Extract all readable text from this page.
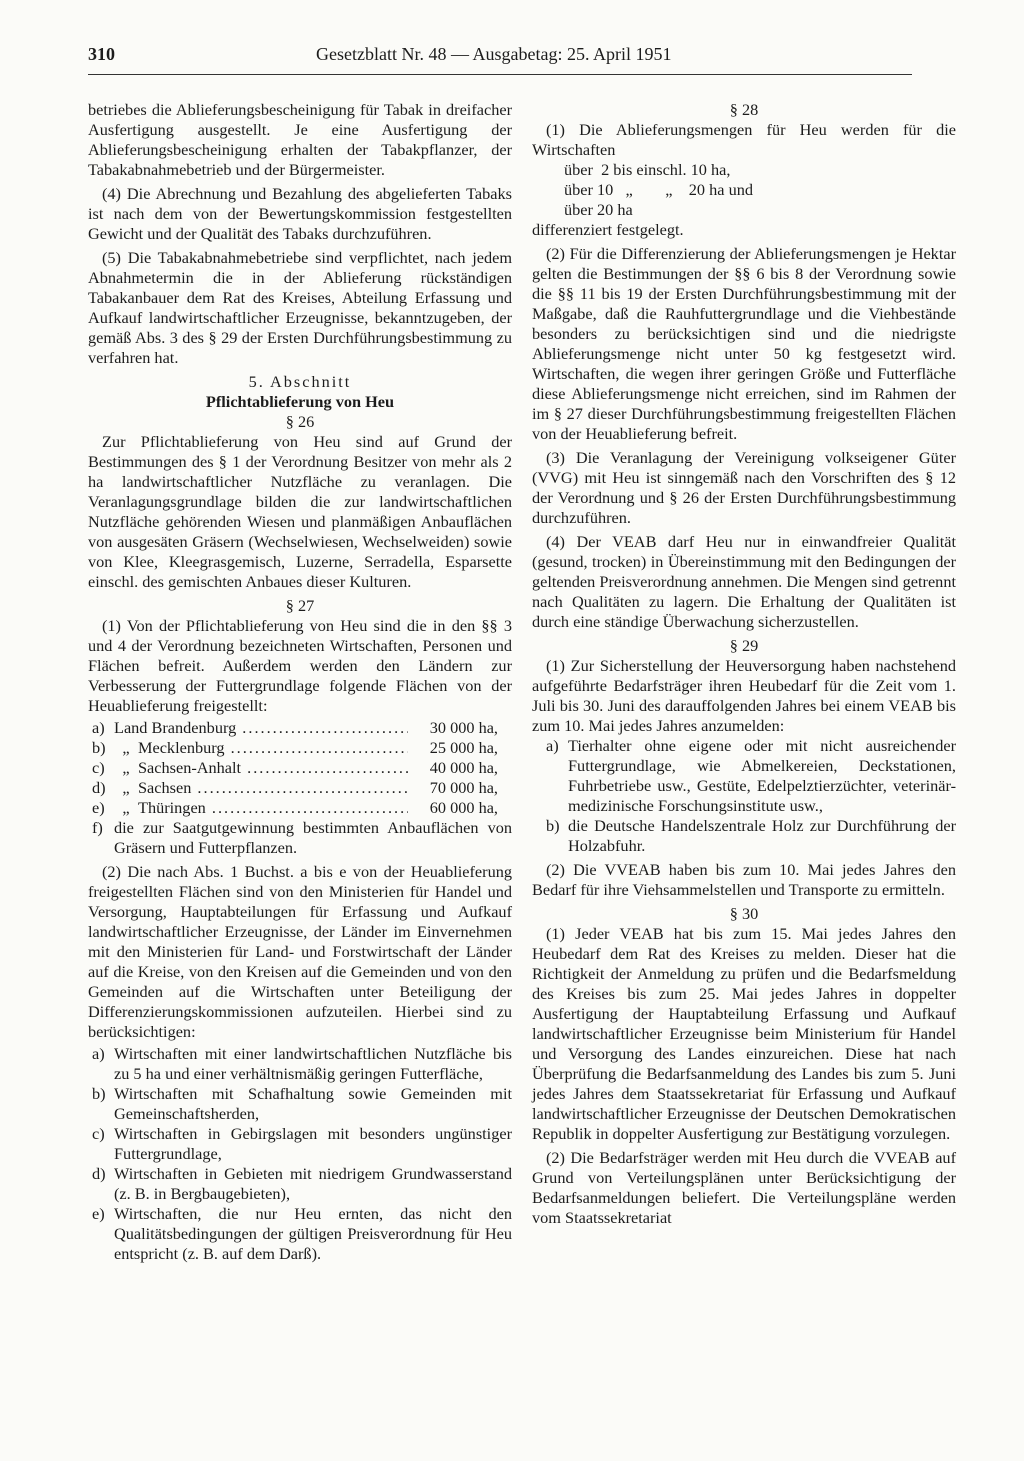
310	Gesetzblatt Nr. 48 — Ausgabetag: 25. April 1951

betriebes die Ablieferungsbescheinigung für Tabak in dreifacher Ausfertigung ausgestellt. Je eine Ausfertigung der Ablieferungsbescheinigung erhalten der Tabakpflanzer, der Tabakabnahmebetrieb und der Bürgermeister.

(4) Die Abrechnung und Bezahlung des abgelieferten Tabaks ist nach dem von der Bewertungskommission festgestellten Gewicht und der Qualität des Tabaks durchzuführen.

(5) Die Tabakabnahmebetriebe sind verpflichtet, nach jedem Abnahmetermin die in der Ablieferung rückständigen Tabakanbauer dem Rat des Kreises, Abteilung Erfassung und Aufkauf landwirtschaftlicher Erzeugnisse, bekanntzugeben, der gemäß Abs. 3 des § 29 der Ersten Durchführungsbestimmung zu verfahren hat.

5. Abschnitt

Pflichtablieferung von Heu

§ 26

Zur Pflichtablieferung von Heu sind auf Grund der Bestimmungen des § 1 der Verordnung Besitzer von mehr als 2 ha landwirtschaftlicher Nutzfläche zu veranlagen. Die Veranlagungsgrundlage bilden die zur landwirtschaftlichen Nutzfläche gehörenden Wiesen und planmäßigen Anbauflächen von ausgesäten Gräsern (Wechselwiesen, Wechselweiden) sowie von Klee, Kleegrasgemisch, Luzerne, Serradella, Esparsette einschl. des gemischten Anbaues dieser Kulturen.

§ 27

(1) Von der Pflichtablieferung von Heu sind die in den §§ 3 und 4 der Verordnung bezeichneten Wirtschaften, Personen und Flächen befreit. Außerdem werden den Ländern zur Verbesserung der Futtergrundlage folgende Flächen von der Heuablieferung freigestellt:

a) Land Brandenburg .....	30 000 ha,
b)	„ Mecklenburg .....	25 000 ha,
c)	„ Sachsen-Anhalt .....	40 000 ha,
d)	„ Sachsen .....	70 000 ha,
e)	„ Thüringen .....	60 000 ha,
f) die zur Saatgutgewinnung bestimmten Anbauflächen von Gräsern und Futterpflanzen.

(2) Die nach Abs. 1 Buchst. a bis e von der Heuablieferung freigestellten Flächen sind von den Ministerien für Handel und Versorgung, Hauptabteilungen für Erfassung und Aufkauf landwirtschaftlicher Erzeugnisse, der Länder im Einvernehmen mit den Ministerien für Land- und Forstwirtschaft der Länder auf die Kreise, von den Kreisen auf die Gemeinden und von den Gemeinden auf die Wirtschaften unter Beteiligung der Differenzierungskommissionen aufzuteilen. Hierbei sind zu berücksichtigen:

a) Wirtschaften mit einer landwirtschaftlichen Nutzfläche bis zu 5 ha und einer verhältnismäßig geringen Futterfläche,
b) Wirtschaften mit Schafhaltung sowie Gemeinden mit Gemeinschaftsherden,
c) Wirtschaften in Gebirgslagen mit besonders ungünstiger Futtergrundlage,
d) Wirtschaften in Gebieten mit niedrigem Grundwasserstand (z. B. in Bergbaugebieten),
e) Wirtschaften, die nur Heu ernten, das nicht den Qualitätsbedingungen der gültigen Preisverordnung für Heu entspricht (z. B. auf dem Darß).

§ 28

(1) Die Ablieferungsmengen für Heu werden für die Wirtschaften

über  2 bis einschl. 10 ha,

über 10   „        „    20 ha und

über 20 ha

differenziert festgelegt.

(2) Für die Differenzierung der Ablieferungsmengen je Hektar gelten die Bestimmungen der §§ 6 bis 8 der Verordnung sowie die §§ 11 bis 19 der Ersten Durchführungsbestimmung mit der Maßgabe, daß die Rauhfuttergrundlage und die Viehbestände besonders zu berücksichtigen sind und die niedrigste Ablieferungsmenge nicht unter 50 kg festgesetzt wird. Wirtschaften, die wegen ihrer geringen Größe und Futterfläche diese Ablieferungsmenge nicht erreichen, sind im Rahmen der im § 27 dieser Durchführungsbestimmung freigestellten Flächen von der Heuablieferung befreit.

(3) Die Veranlagung der Vereinigung volkseigener Güter (VVG) mit Heu ist sinngemäß nach den Vorschriften des § 12 der Verordnung und § 26 der Ersten Durchführungsbestimmung durchzuführen.

(4) Der VEAB darf Heu nur in einwandfreier Qualität (gesund, trocken) in Übereinstimmung mit den Bedingungen der geltenden Preisverordnung annehmen. Die Mengen sind getrennt nach Qualitäten zu lagern. Die Erhaltung der Qualitäten ist durch eine ständige Überwachung sicherzustellen.

§ 29

(1) Zur Sicherstellung der Heuversorgung haben nachstehend aufgeführte Bedarfsträger ihren Heubedarf für die Zeit vom 1. Juli bis 30. Juni des darauffolgenden Jahres bei einem VEAB bis zum 10. Mai jedes Jahres anzumelden:

a) Tierhalter ohne eigene oder mit nicht ausreichender Futtergrundlage, wie Abmelkereien, Deckstationen, Fuhrbetriebe usw., Gestüte, Edelpelztierzüchter, veterinär-medizinische Forschungsinstitute usw.,
b) die Deutsche Handelszentrale Holz zur Durchführung der Holzabfuhr.

(2) Die VVEAB haben bis zum 10. Mai jedes Jahres den Bedarf für ihre Viehsammelstellen und Transporte zu ermitteln.

§ 30

(1) Jeder VEAB hat bis zum 15. Mai jedes Jahres den Heubedarf dem Rat des Kreises zu melden. Dieser hat die Richtigkeit der Anmeldung zu prüfen und die Bedarfsmeldung des Kreises bis zum 25. Mai jedes Jahres in doppelter Ausfertigung der Hauptabteilung Erfassung und Aufkauf landwirtschaftlicher Erzeugnisse beim Ministerium für Handel und Versorgung des Landes einzureichen. Diese hat nach Überprüfung die Bedarfsanmeldung des Landes bis zum 5. Juni jedes Jahres dem Staatssekretariat für Erfassung und Aufkauf landwirtschaftlicher Erzeugnisse der Deutschen Demokratischen Republik in doppelter Ausfertigung zur Bestätigung vorzulegen.

(2) Die Bedarfsträger werden mit Heu durch die VVEAB auf Grund von Verteilungsplänen unter Berücksichtigung der Bedarfsanmeldungen beliefert. Die Verteilungspläne werden vom Staatssekretariat
